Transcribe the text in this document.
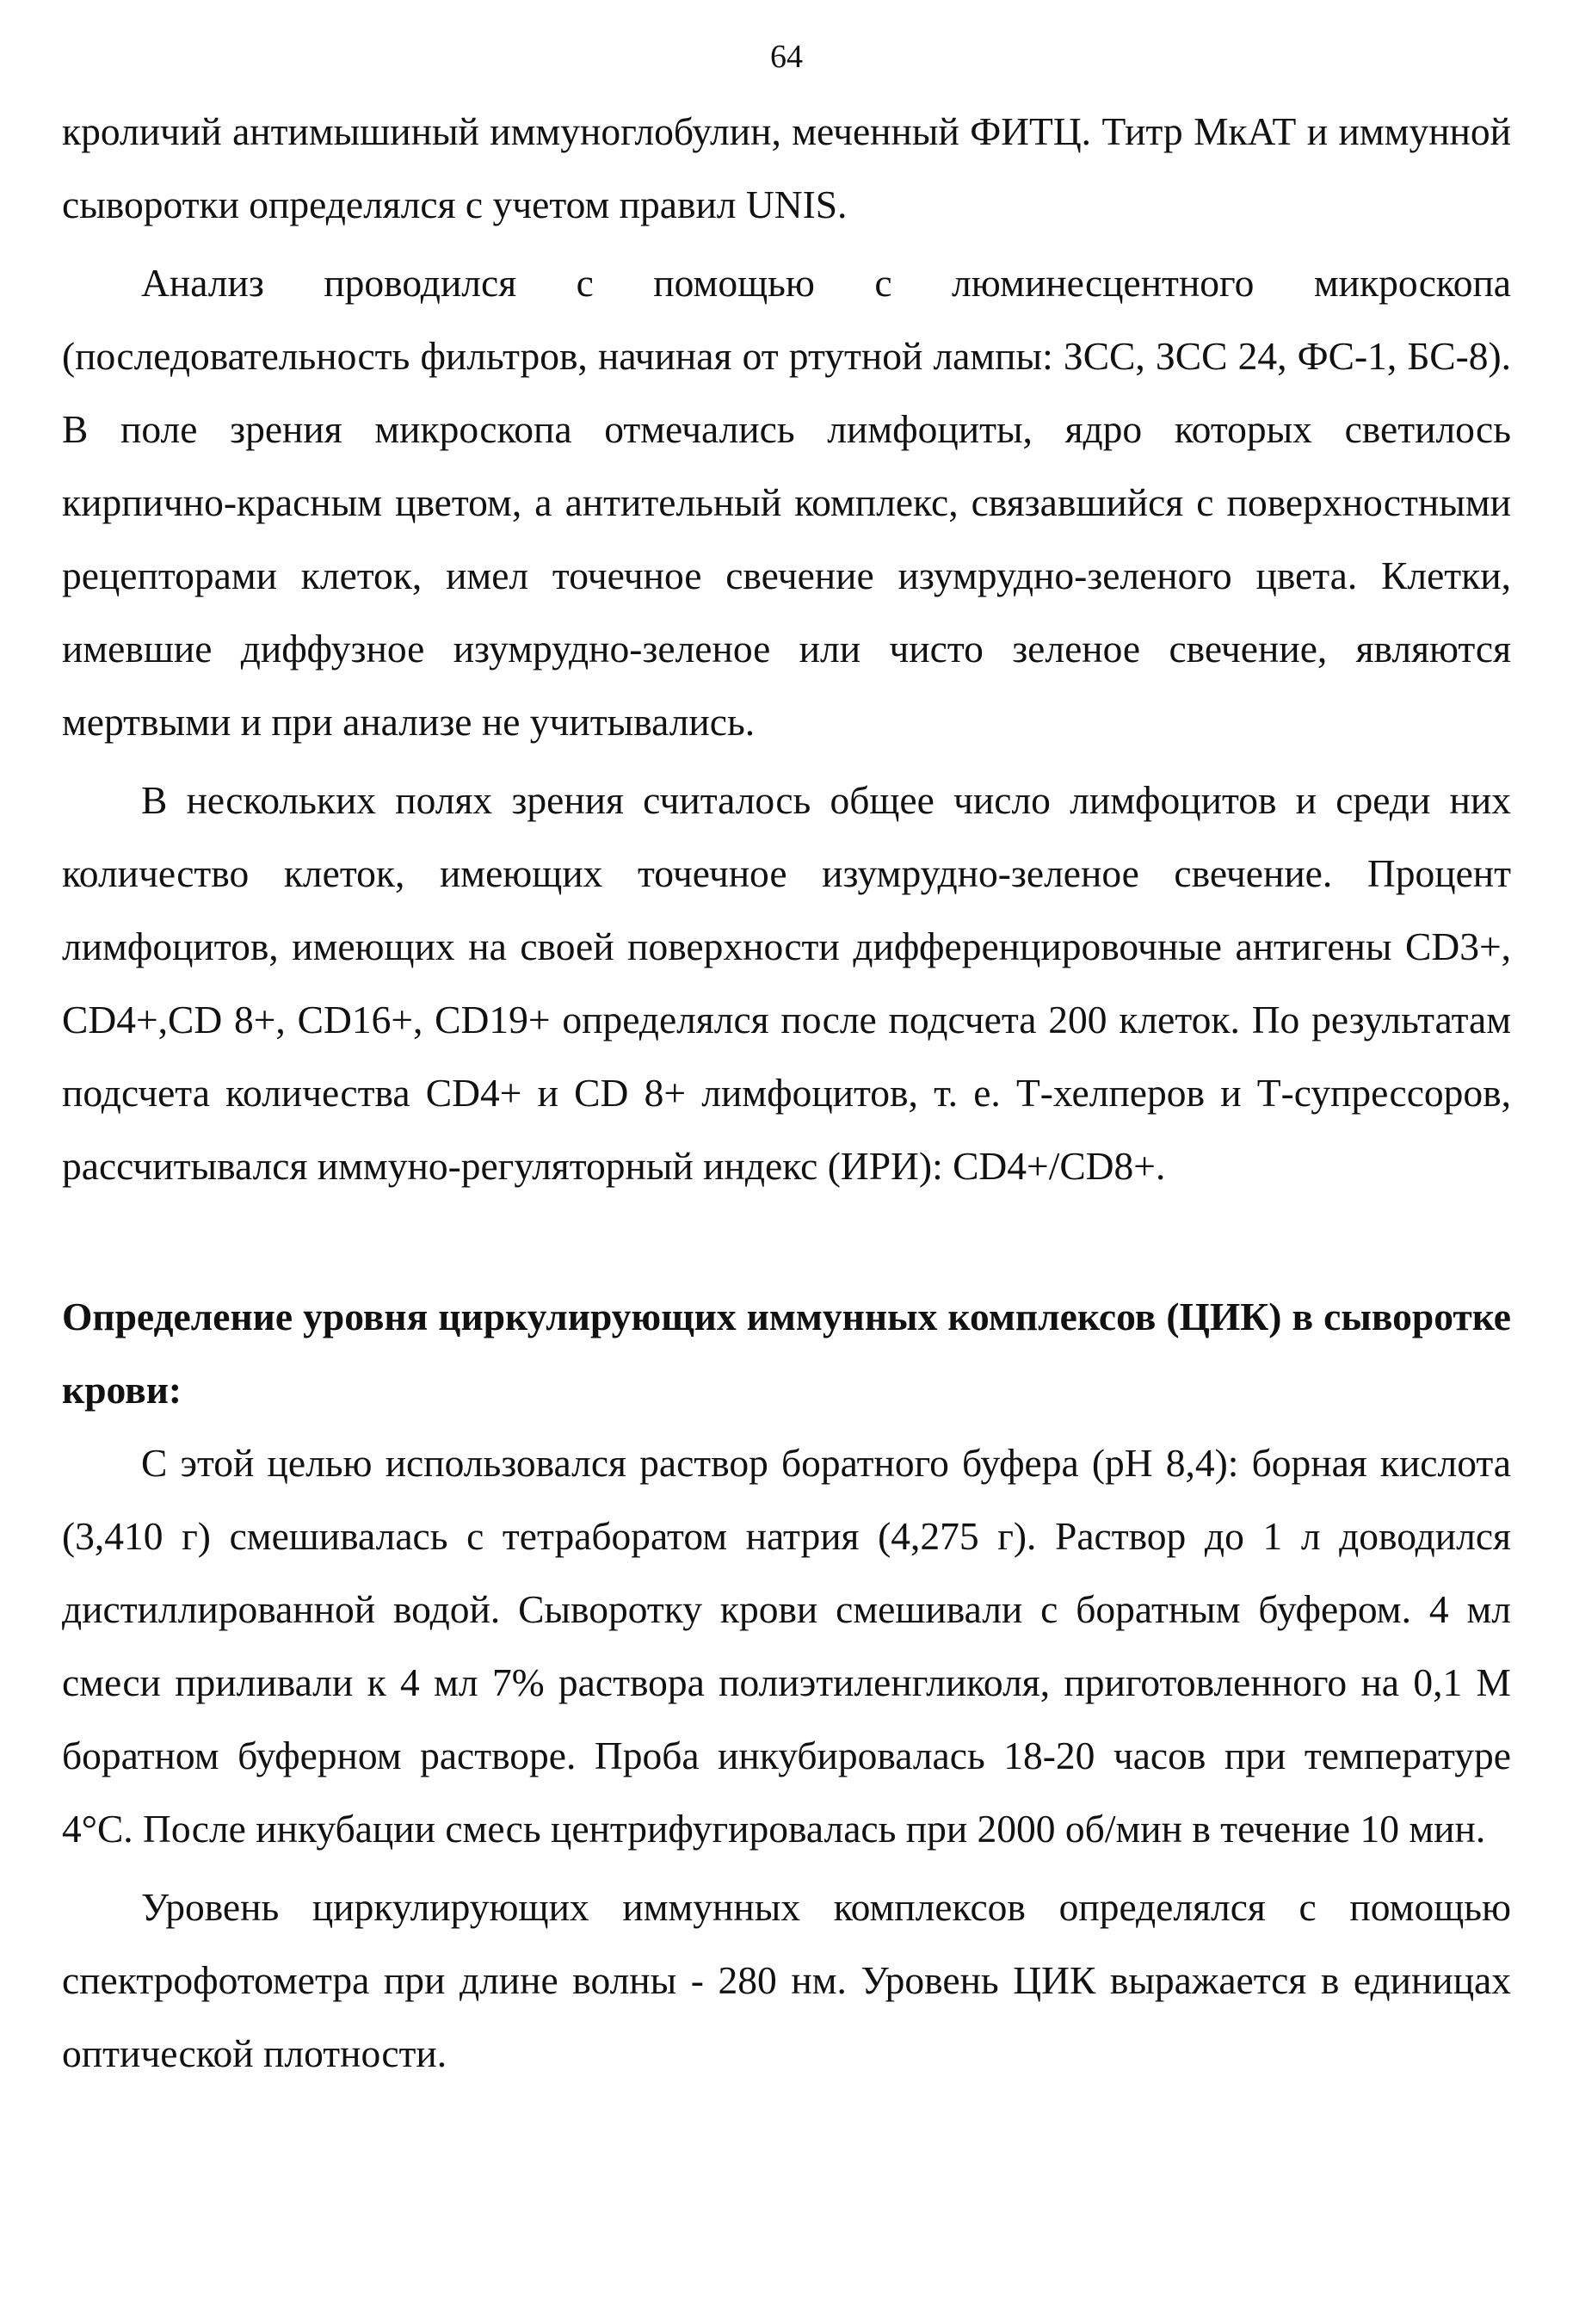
64

кроличий антимышиный иммуноглобулин, меченный ФИТЦ. Титр МкАТ и иммунной сыворотки определялся с учетом правил UNIS.

Анализ проводился с помощью с люминесцентного микроскопа (последовательность фильтров, начиная от ртутной лампы: ЗСС, ЗСС 24, ФС-1, БС-8). В поле зрения микроскопа отмечались лимфоциты, ядро которых светилось кирпично-красным цветом, а антительный комплекс, связавшийся с поверхностными рецепторами клеток, имел точечное свечение изумрудно-зеленого цвета. Клетки, имевшие диффузное изумрудно-зеленое или чисто зеленое свечение, являются мертвыми и при анализе не учитывались.

В нескольких полях зрения считалось общее число лимфоцитов и среди них количество клеток, имеющих точечное изумрудно-зеленое свечение. Процент лимфоцитов, имеющих на своей поверхности дифференцировочные антигены CD3+, CD4+,CD 8+, CD16+, CD19+ определялся после подсчета 200 клеток. По результатам подсчета количества CD4+ и CD 8+ лимфоцитов, т. е. Т-хелперов и Т-супрессоров, рассчитывался иммуно-регуляторный индекс (ИРИ): CD4+/CD8+.

Определение уровня циркулирующих иммунных комплексов (ЦИК) в сыворотке крови:

С этой целью использовался раствор боратного буфера (рН 8,4): борная кислота (3,410 г) смешивалась с тетраборатом натрия (4,275 г). Раствор до 1 л доводился дистиллированной водой. Сыворотку крови смешивали с боратным буфером. 4 мл смеси приливали к 4 мл 7% раствора полиэтиленгликоля, приготовленного на 0,1 М боратном буферном растворе. Проба инкубировалась 18-20 часов при температуре 4°С. После инкубации смесь центрифугировалась при 2000 об/мин в течение 10 мин.

Уровень циркулирующих иммунных комплексов определялся с помощью спектрофотометра при длине волны - 280 нм. Уровень ЦИК выражается в единицах оптической плотности.
